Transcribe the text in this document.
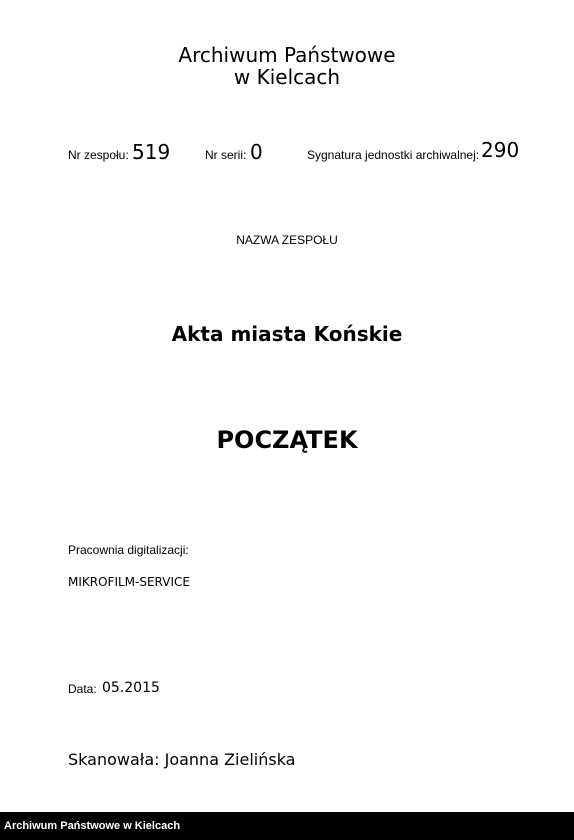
Archiwum Państwowe
w Kielcach
Nr zespołu: 519	Nr serii: 0	Sygnatura jednostki archiwalnej: 290
NAZWA ZESPOŁU
Akta miasta Końskie
POCZĄTEK
Pracownia digitalizacji:
MIKROFILM-SERVICE
Data: 05.2015
Skanowała: Joanna Zielińska
Archiwum Państwowe w Kielcach
